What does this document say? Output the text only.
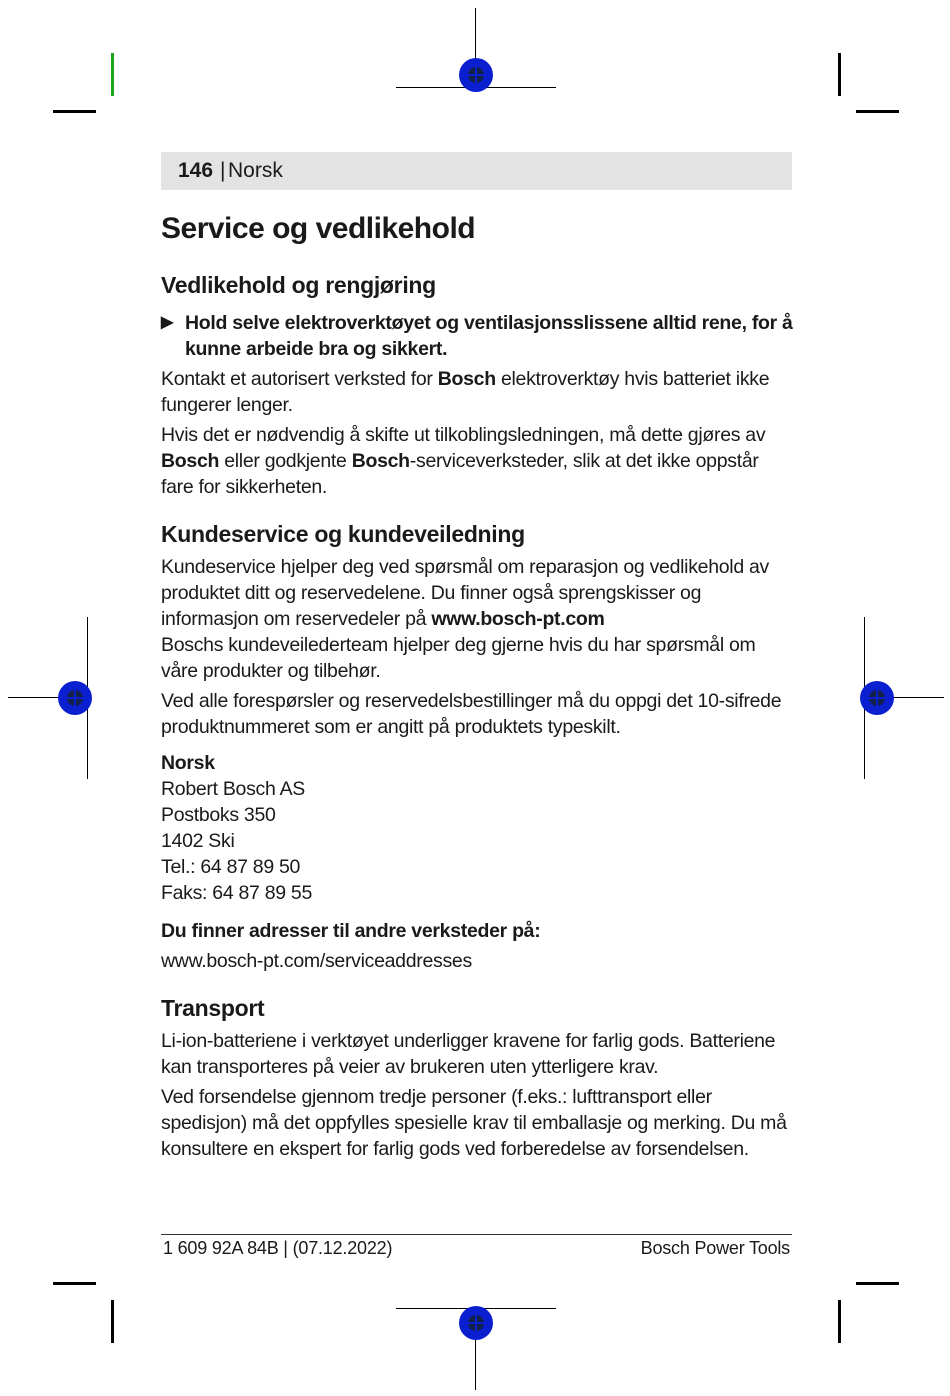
146 | Norsk
Service og vedlikehold
Vedlikehold og rengjøring
▶ Hold selve elektroverktøyet og ventilasjonsslissene alltid rene, for å kunne arbeide bra og sikkert.

Kontakt et autorisert verksted for Bosch elektroverktøy hvis batteriet ikke fungerer lenger.

Hvis det er nødvendig å skifte ut tilkoblingsledningen, må dette gjøres av Bosch eller godkjente Bosch-serviceverksteder, slik at det ikke oppstår fare for sikkerheten.

Kundeservice og kundeveiledning

Kundeservice hjelper deg ved spørsmål om reparasjon og vedlikehold av produktet ditt og reservedelene. Du finner også sprengskisser og informasjon om reservedeler på www.bosch-pt.com

Boschs kundeveilederteam hjelper deg gjerne hvis du har spørsmål om våre produkter og tilbehør.

Ved alle forespørsler og reservedelsbestillinger må du oppgi det 10-sifrede produktnummeret som er angitt på produktets typeskilt.

Norsk

Robert Bosch AS

Postboks 350

1402 Ski

Tel.: 64 87 89 50

Faks: 64 87 89 55

Du finner adresser til andre verksteder på:

www.bosch-pt.com/serviceaddresses

Transport

Li-ion-batteriene i verktøyet underligger kravene for farlig gods. Batteriene kan transporteres på veier av brukeren uten ytterligere krav.

Ved forsendelse gjennom tredje personer (f.eks.: lufttransport eller spedisjon) må det oppfylles spesielle krav til emballasje og merking. Du må konsultere en ekspert for farlig gods ved forberedelse av forsendelsen.

1 609 92A 84B | (07.12.2022)	Bosch Power Tools
